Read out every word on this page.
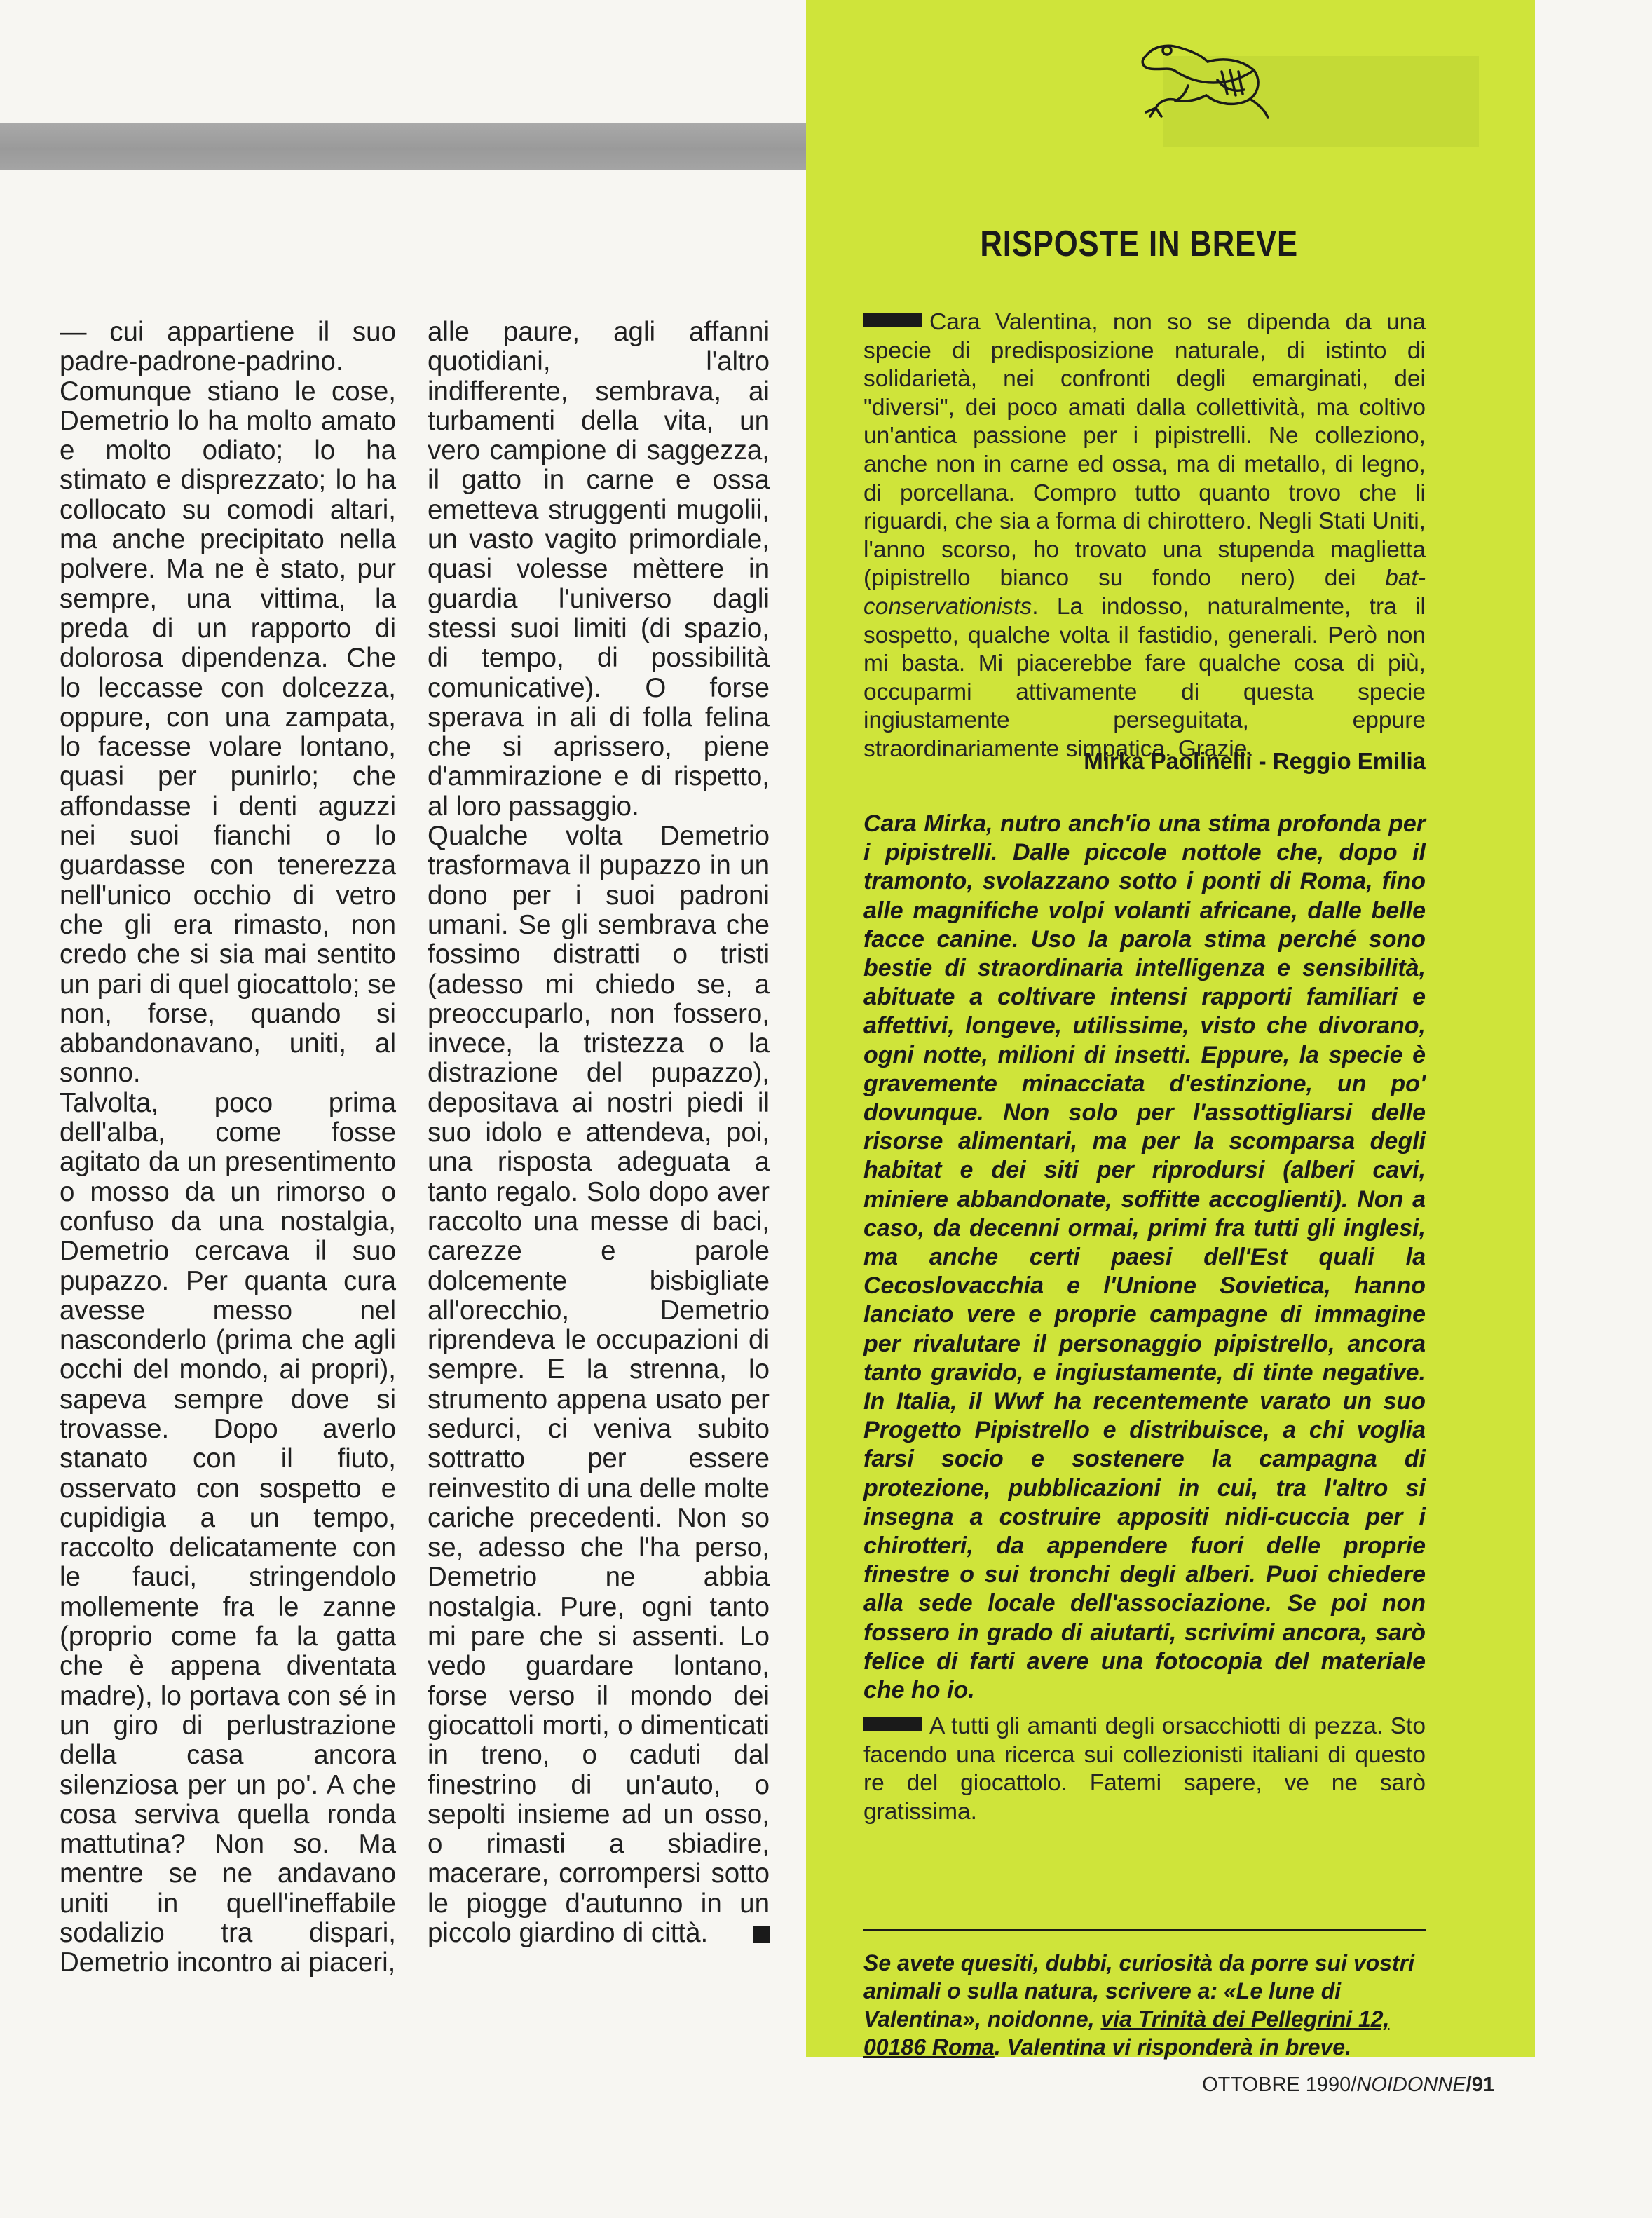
RISPOSTE IN BREVE

— cui appartiene il suo padre-padrone-padrino. Comunque stiano le cose, Demetrio lo ha molto amato e molto odiato; lo ha stimato e disprezzato; lo ha collocato su comodi altari, ma anche precipitato nella polvere. Ma ne è stato, pur sempre, una vittima, la preda di un rapporto di dolorosa dipendenza. Che lo leccasse con dolcezza, oppure, con una zampata, lo facesse volare lontano, quasi per punirlo; che affondasse i denti aguzzi nei suoi fianchi o lo guardasse con tenerezza nell'unico occhio di vetro che gli era rimasto, non credo che si sia mai sentito un pari di quel giocattolo; se non, forse, quando si abbandonavano, uniti, al sonno.

Talvolta, poco prima dell'alba, come fosse agitato da un presentimento o mosso da un rimorso o confuso da una nostalgia, Demetrio cercava il suo pupazzo. Per quanta cura avesse messo nel nasconderlo (prima che agli occhi del mondo, ai propri), sapeva sempre dove si trovasse. Dopo averlo stanato con il fiuto, osservato con sospetto e cupidigia a un tempo, raccolto delicatamente con le fauci, stringendolo mollemente fra le zanne (proprio come fa la gatta che è appena diventata madre), lo portava con sé in un giro di perlustrazione della casa ancora silenziosa per un po'. A che cosa serviva quella ronda mattutina? Non so. Ma mentre se ne andavano uniti in quell'ineffabile sodalizio tra dispari, Demetrio incontro ai piaceri,

alle paure, agli affanni quotidiani, l'altro indifferente, sembrava, ai turbamenti della vita, un vero campione di saggezza, il gatto in carne e ossa emetteva struggenti mugolii, un vasto vagito primordiale, quasi volesse mèttere in guardia l'universo dagli stessi suoi limiti (di spazio, di tempo, di possibilità comunicative). O forse sperava in ali di folla felina che si aprissero, piene d'ammirazione e di rispetto, al loro passaggio.

Qualche volta Demetrio trasformava il pupazzo in un dono per i suoi padroni umani. Se gli sembrava che fossimo distratti o tristi (adesso mi chiedo se, a preoccuparlo, non fossero, invece, la tristezza o la distrazione del pupazzo), depositava ai nostri piedi il suo idolo e attendeva, poi, una risposta adeguata a tanto regalo. Solo dopo aver raccolto una messe di baci, carezze e parole dolcemente bisbigliate all'orecchio, Demetrio riprendeva le occupazioni di sempre. E la strenna, lo strumento appena usato per sedurci, ci veniva subito sottratto per essere reinvestito di una delle molte cariche precedenti. Non so se, adesso che l'ha perso, Demetrio ne abbia nostalgia. Pure, ogni tanto mi pare che si assenti. Lo vedo guardare lontano, forse verso il mondo dei giocattoli morti, o dimenticati in treno, o caduti dal finestrino di un'auto, o sepolti insieme ad un osso, o rimasti a sbiadire, macerare, corrompersi sotto le piogge d'autunno in un piccolo giardino di città.

Cara Valentina, non so se dipenda da una specie di predisposizione naturale, di istinto di solidarietà, nei confronti degli emarginati, dei "diversi", dei poco amati dalla collettività, ma coltivo un'antica passione per i pipistrelli. Ne colleziono, anche non in carne ed ossa, ma di metallo, di legno, di porcellana. Compro tutto quanto trovo che li riguardi, che sia a forma di chirottero. Negli Stati Uniti, l'anno scorso, ho trovato una stupenda maglietta (pipistrello bianco su fondo nero) dei bat-conservationists. La indosso, naturalmente, tra il sospetto, qualche volta il fastidio, generali. Però non mi basta. Mi piacerebbe fare qualche cosa di più, occuparmi attivamente di questa specie ingiustamente perseguitata, eppure straordinariamente simpatica. Grazie.
Mirka Paolinelli - Reggio Emilia
Cara Mirka, nutro anch'io una stima profonda per i pipistrelli. Dalle piccole nottole che, dopo il tramonto, svolazzano sotto i ponti di Roma, fino alle magnifiche volpi volanti africane, dalle belle facce canine. Uso la parola stima perché sono bestie di straordinaria intelligenza e sensibilità, abituate a coltivare intensi rapporti familiari e affettivi, longeve, utilissime, visto che divorano, ogni notte, milioni di insetti. Eppure, la specie è gravemente minacciata d'estinzione, un po' dovunque. Non solo per l'assottigliarsi delle risorse alimentari, ma per la scomparsa degli habitat e dei siti per riprodursi (alberi cavi, miniere abbandonate, soffitte accoglienti). Non a caso, da decenni ormai, primi fra tutti gli inglesi, ma anche certi paesi dell'Est quali la Cecoslovacchia e l'Unione Sovietica, hanno lanciato vere e proprie campagne di immagine per rivalutare il personaggio pipistrello, ancora tanto gravido, e ingiustamente, di tinte negative. In Italia, il Wwf ha recentemente varato un suo Progetto Pipistrello e distribuisce, a chi voglia farsi socio e sostenere la campagna di protezione, pubblicazioni in cui, tra l'altro si insegna a costruire appositi nidi-cuccia per i chirotteri, da appendere fuori delle proprie finestre o sui tronchi degli alberi. Puoi chiedere alla sede locale dell'associazione. Se poi non fossero in grado di aiutarti, scrivimi ancora, sarò felice di farti avere una fotocopia del materiale che ho io.
A tutti gli amanti degli orsacchiotti di pezza. Sto facendo una ricerca sui collezionisti italiani di questo re del giocattolo. Fatemi sapere, ve ne sarò gratissima.
Se avete quesiti, dubbi, curiosità da porre sui vostri animali o sulla natura, scrivere a: «Le lune di Valentina», noidonne, via Trinità dei Pellegrini 12, 00186 Roma. Valentina vi risponderà in breve.
OTTOBRE 1990/NOIDONNE/91
